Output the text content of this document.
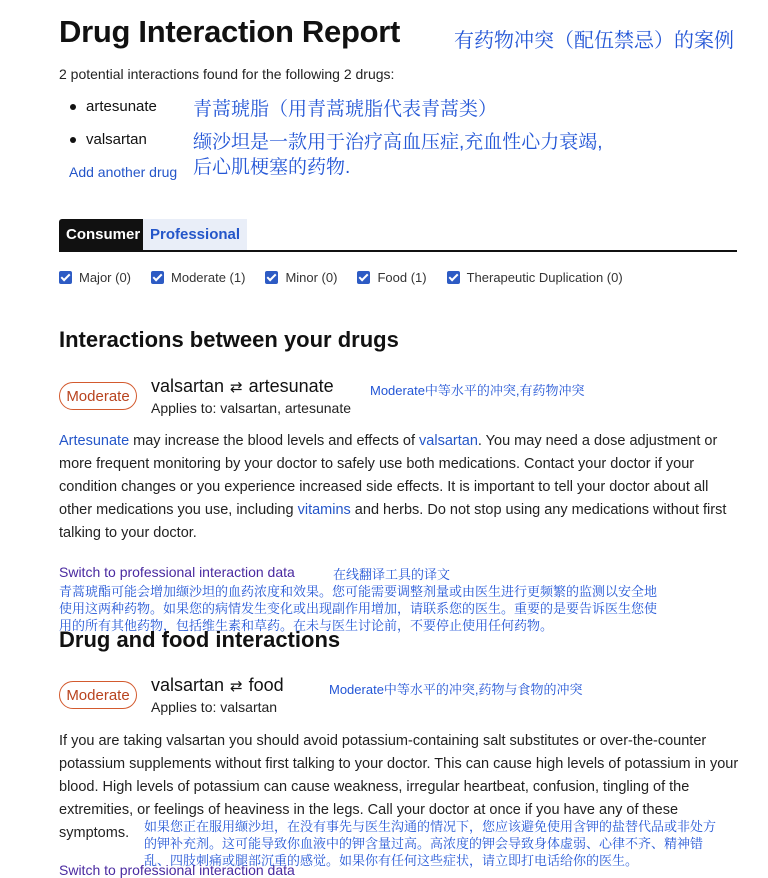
Drug Interaction Report	有药物冲突（配伍禁忌）的案例
2 potential interactions found for the following 2 drugs:
artesunate 青蒿琥脂（用青蒿琥脂代表青蒿类）
valsartan 缬沙坦是一款用于治疗高血压症,充血性心力衰竭,
后心肌梗塞的药物.
Add another drug
Consumer Professional
Major (0)	Moderate (1)	Minor (0)	Food (1)	Therapeutic Duplication (0)
Interactions between your drugs
Moderate
valsartan ⇄ artesunate	Moderate中等水平的冲突,有药物冲突
Applies to: valsartan, artesunate
Artesunate may increase the blood levels and effects of valsartan. You may need a dose adjustment or more frequent monitoring by your doctor to safely use both medications. Contact your doctor if your condition changes or you experience increased side effects. It is important to tell your doctor about all other medications you use, including vitamins and herbs. Do not stop using any medications without first talking to your doctor.
Switch to professional interaction data	在线翻译工具的译文
青蒿琥酯可能会增加缬沙坦的血药浓度和效果。您可能需要调整剂量或由医生进行更频繁的监测以安全地使用这两种药物。如果您的病情发生变化或出现副作用增加，请联系您的医生。重要的是要告诉医生您使用的所有其他药物，包括维生素和草药。在未与医生讨论前，不要停止使用任何药物。
Drug and food interactions
Moderate
valsartan ⇄ food	Moderate中等水平的冲突,药物与食物的冲突
Applies to: valsartan
If you are taking valsartan you should avoid potassium-containing salt substitutes or over-the-counter potassium supplements without first talking to your doctor. This can cause high levels of potassium in your blood. High levels of potassium can cause weakness, irregular heartbeat, confusion, tingling of the extremities, or feelings of heaviness in the legs. Call your doctor at once if you have any of these symptoms.	如果您正在服用缬沙坦，在没有事先与医生沟通的情况下，您应该避免使用含钾的盐替代品或非处方的钾补充剂。这可能导致你血液中的钾含量过高。高浓度的钾会导致身体虚弱、心律不齐、精神错乱、四肢刺痛或腿部沉重的感觉。如果你有任何这些症状，请立即打电话给你的医生。
Switch to professional interaction data
